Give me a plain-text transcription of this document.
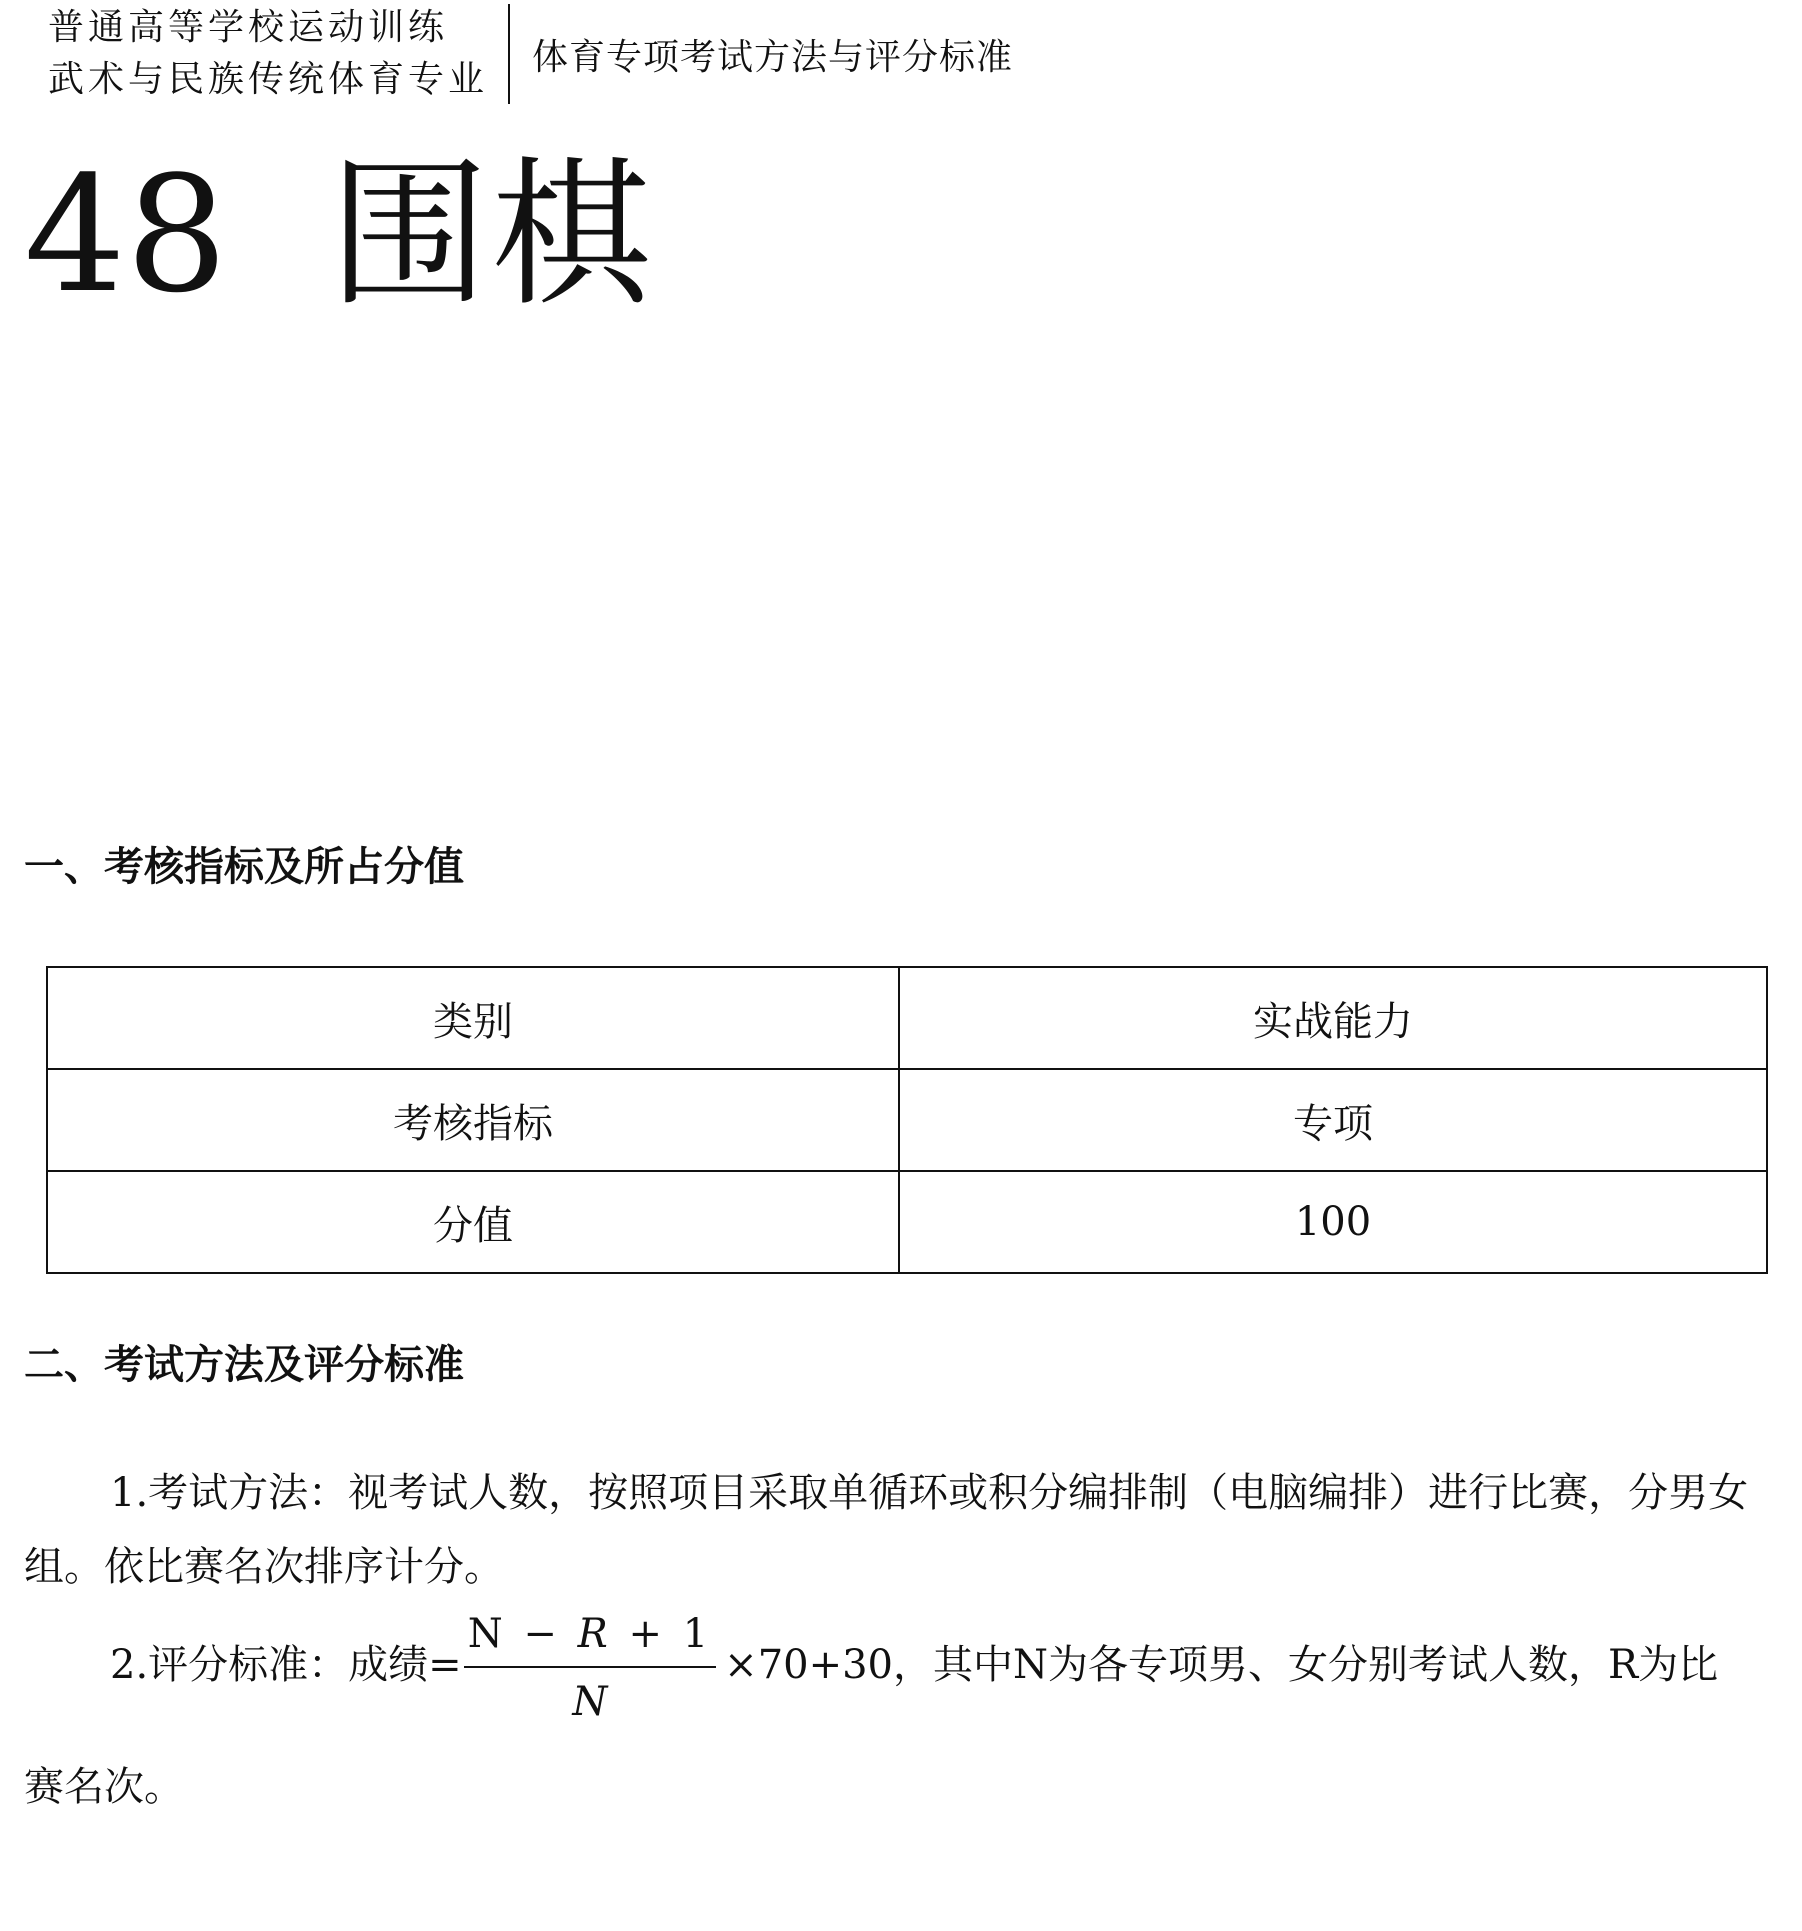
普通高等学校运动训练
武术与民族传统体育专业
体育专项考试方法与评分标准
48 围棋
一、考核指标及所占分值
类别	实战能力
考核指标	专项
分值	100
二、考试方法及评分标准
1.考试方法：视考试人数，按照项目采取单循环或积分编排制（电脑编排）进行比赛，分男女组。依比赛名次排序计分。
2.评分标准：成绩= $\frac{N - R + 1}{N} \times 70+30$，其中N为各专项男、女分别考试人数，R为比
赛名次。
